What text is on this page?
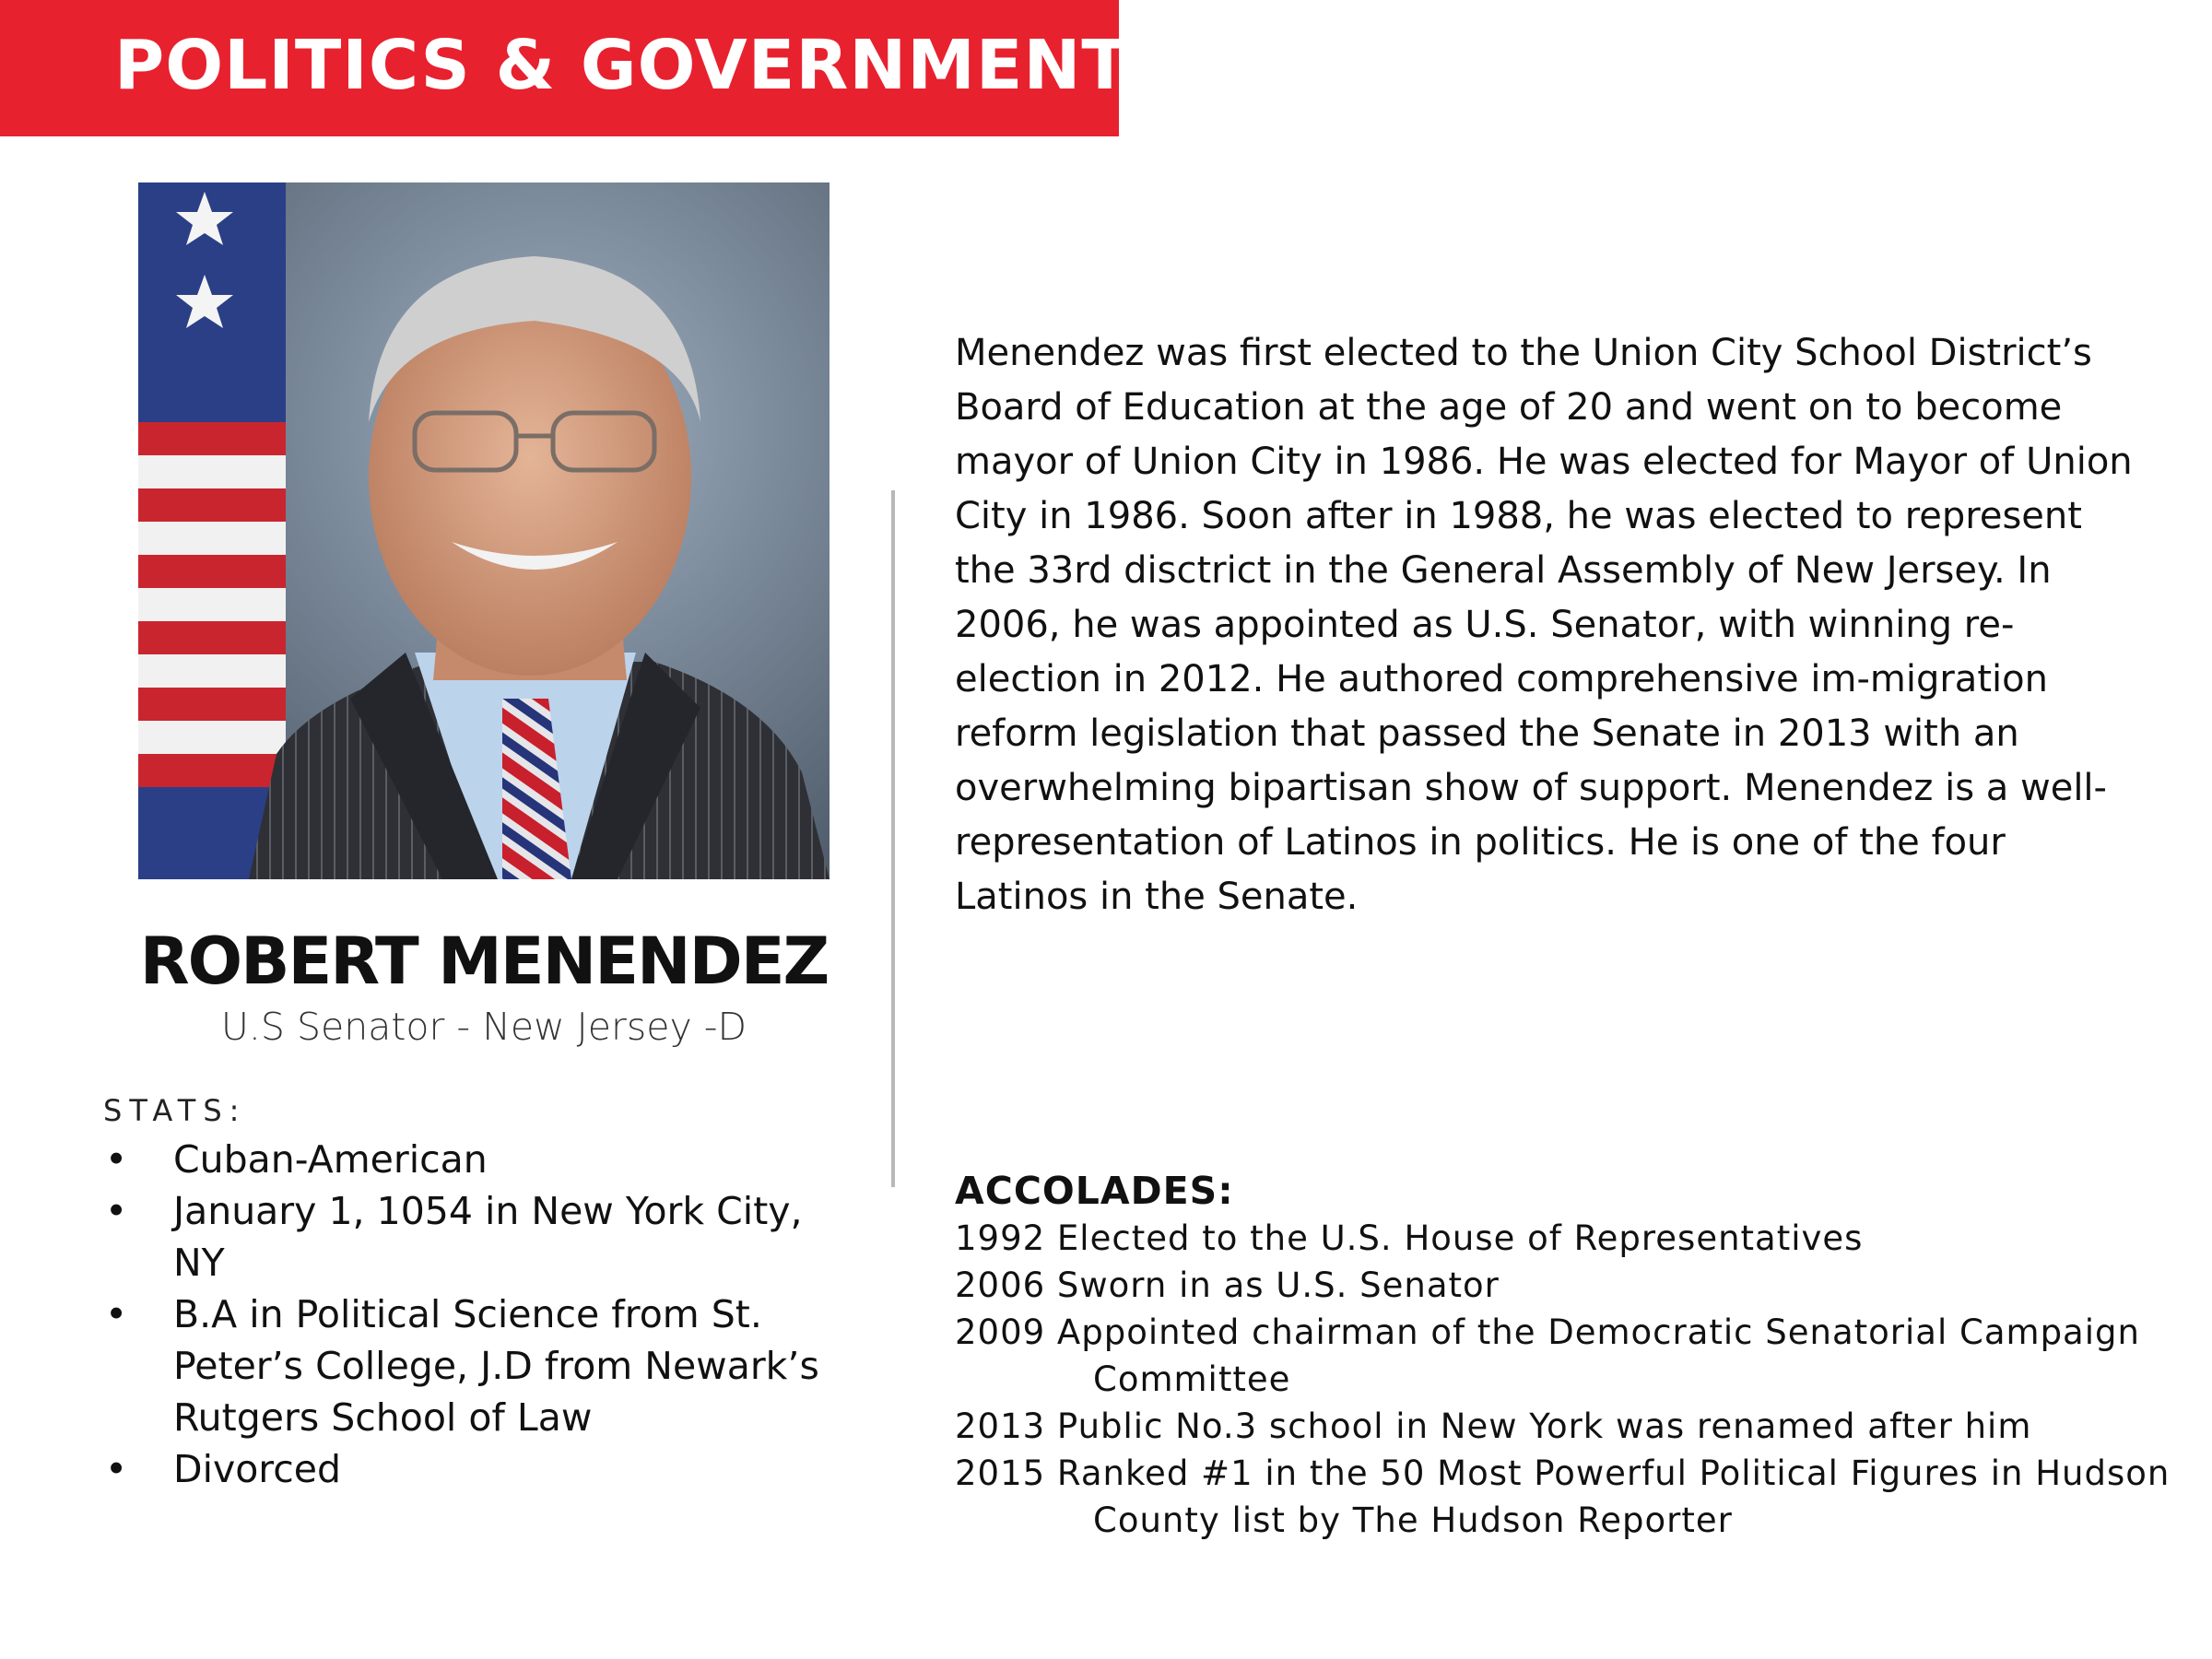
POLITICS & GOVERNMENT
ROBERT MENENDEZ
U.S Senator - New Jersey -D
STATS:
• Cuban-American
• January 1, 1054 in New York City, NY
• B.A in Political Science from St. Peter’s College, J.D from Newark’s Rutgers School of Law
• Divorced
Menendez was first elected to the Union City School District’s Board of Education at the age of 20 and went on to become mayor of Union City in 1986. He was elected for Mayor of Union City in 1986. Soon after in 1988, he was elected to represent the 33rd disctrict in the General Assembly of New Jersey. In 2006, he was appointed as U.S. Senator, with winning re-election in 2012. He authored comprehensive im-migration reform legislation that passed the Senate in 2013 with an overwhelming bipartisan show of support. Menendez is a well-representation of Latinos in politics. He is one of the four Latinos in the Senate.
ACCOLADES:
1992 Elected to the U.S. House of Representatives
2006 Sworn in as U.S. Senator
2009 Appointed chairman of the Democratic Senatorial Campaign Committee
2013 Public No.3 school in New York was renamed after him
2015 Ranked #1 in the 50 Most Powerful Political Figures in Hudson County list by The Hudson Reporter
